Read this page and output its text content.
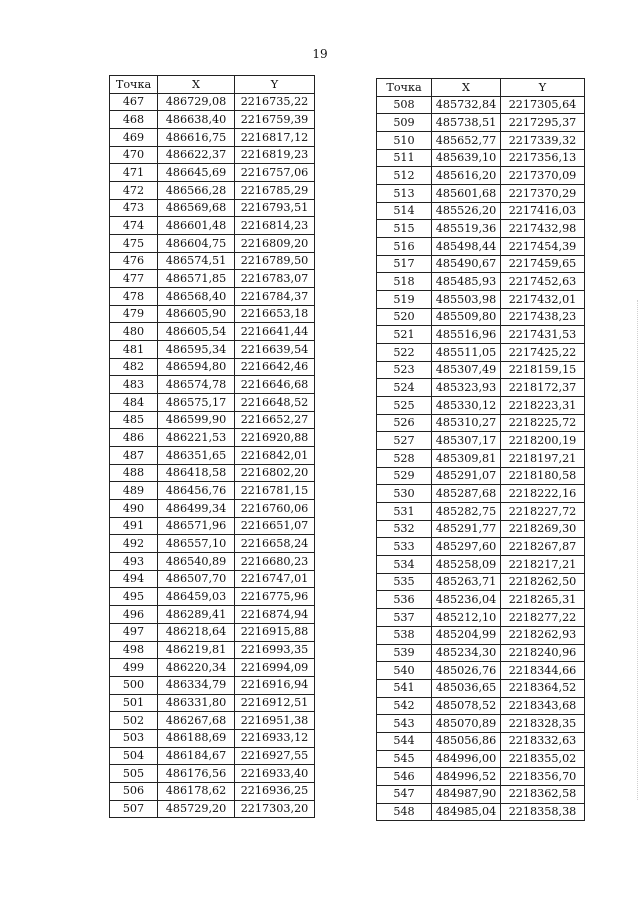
19
Точка	X	Y
467	486729,08	2216735,22
468	486638,40	2216759,39
469	486616,75	2216817,12
470	486622,37	2216819,23
471	486645,69	2216757,06
472	486566,28	2216785,29
473	486569,68	2216793,51
474	486601,48	2216814,23
475	486604,75	2216809,20
476	486574,51	2216789,50
477	486571,85	2216783,07
478	486568,40	2216784,37
479	486605,90	2216653,18
480	486605,54	2216641,44
481	486595,34	2216639,54
482	486594,80	2216642,46
483	486574,78	2216646,68
484	486575,17	2216648,52
485	486599,90	2216652,27
486	486221,53	2216920,88
487	486351,65	2216842,01
488	486418,58	2216802,20
489	486456,76	2216781,15
490	486499,34	2216760,06
491	486571,96	2216651,07
492	486557,10	2216658,24
493	486540,89	2216680,23
494	486507,70	2216747,01
495	486459,03	2216775,96
496	486289,41	2216874,94
497	486218,64	2216915,88
498	486219,81	2216993,35
499	486220,34	2216994,09
500	486334,79	2216916,94
501	486331,80	2216912,51
502	486267,68	2216951,38
503	486188,69	2216933,12
504	486184,67	2216927,55
505	486176,56	2216933,40
506	486178,62	2216936,25
507	485729,20	2217303,20
Точка	X	Y
508	485732,84	2217305,64
509	485738,51	2217295,37
510	485652,77	2217339,32
511	485639,10	2217356,13
512	485616,20	2217370,09
513	485601,68	2217370,29
514	485526,20	2217416,03
515	485519,36	2217432,98
516	485498,44	2217454,39
517	485490,67	2217459,65
518	485485,93	2217452,63
519	485503,98	2217432,01
520	485509,80	2217438,23
521	485516,96	2217431,53
522	485511,05	2217425,22
523	485307,49	2218159,15
524	485323,93	2218172,37
525	485330,12	2218223,31
526	485310,27	2218225,72
527	485307,17	2218200,19
528	485309,81	2218197,21
529	485291,07	2218180,58
530	485287,68	2218222,16
531	485282,75	2218227,72
532	485291,77	2218269,30
533	485297,60	2218267,87
534	485258,09	2218217,21
535	485263,71	2218262,50
536	485236,04	2218265,31
537	485212,10	2218277,22
538	485204,99	2218262,93
539	485234,30	2218240,96
540	485026,76	2218344,66
541	485036,65	2218364,52
542	485078,52	2218343,68
543	485070,89	2218328,35
544	485056,86	2218332,63
545	484996,00	2218355,02
546	484996,52	2218356,70
547	484987,90	2218362,58
548	484985,04	2218358,38
